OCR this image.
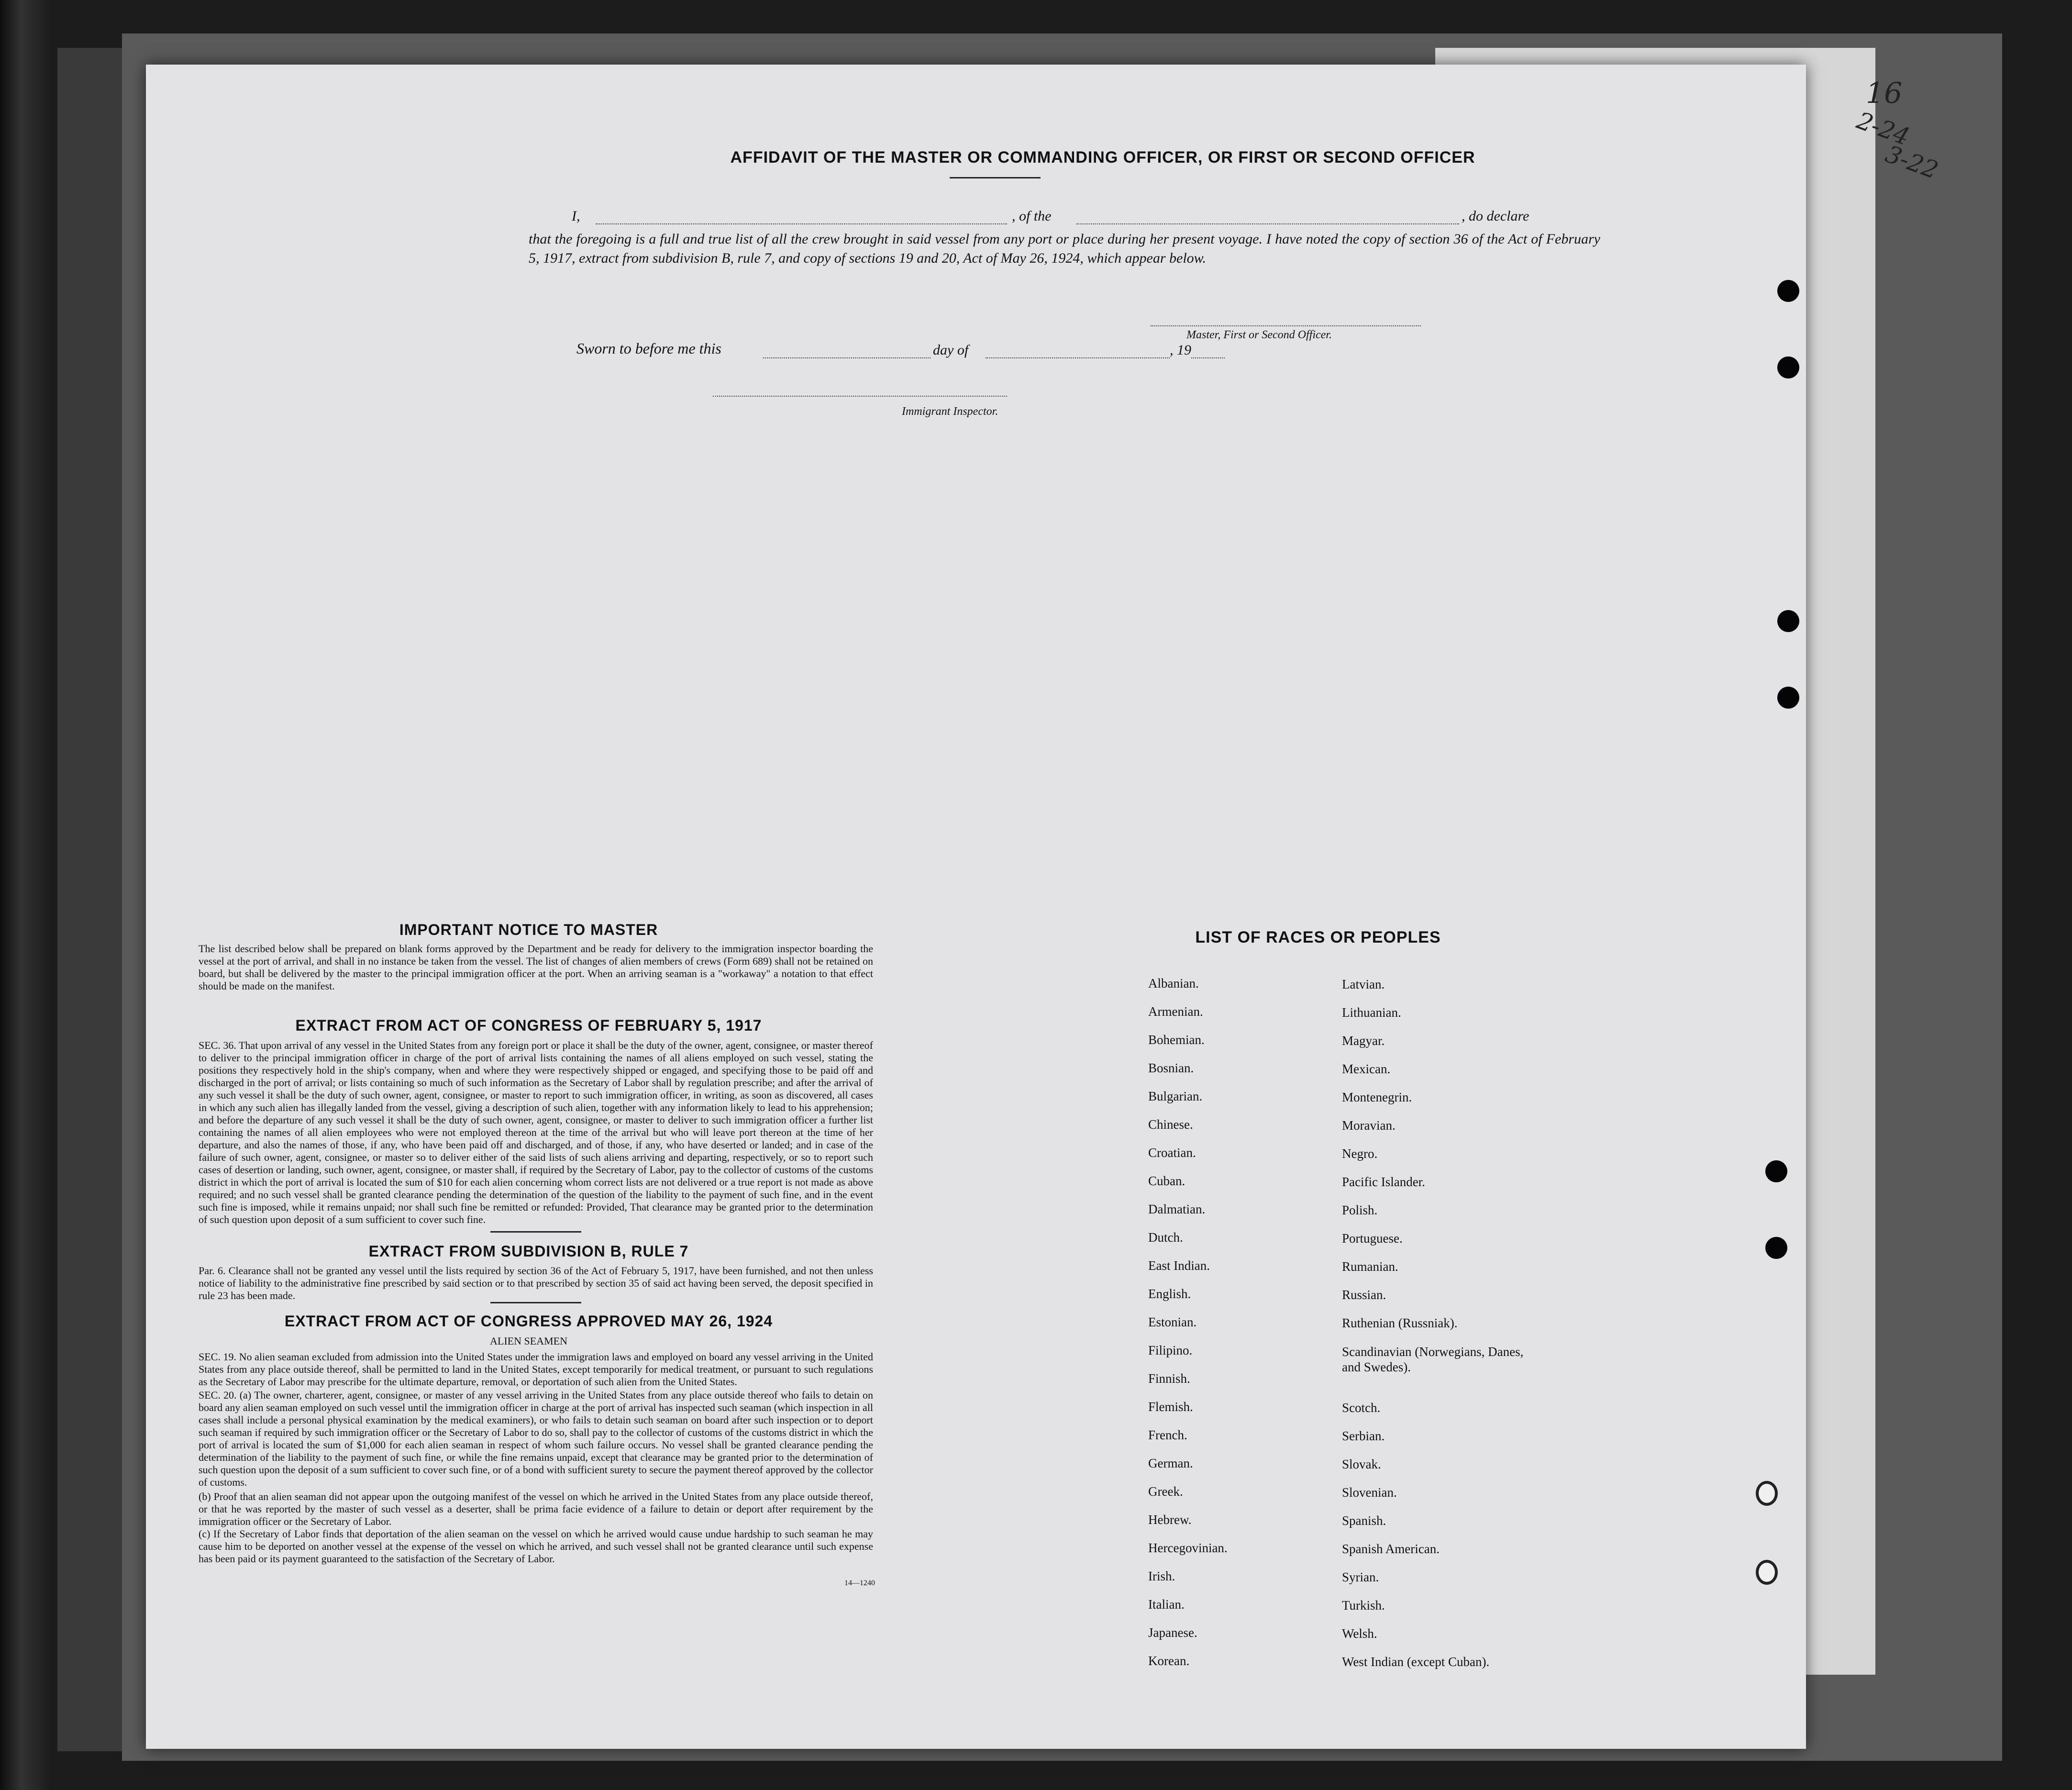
16
2-24
3-22
AFFIDAVIT OF THE MASTER OR COMMANDING OFFICER, OR FIRST OR SECOND OFFICER
I,	, of the	, do declare
that the foregoing is a full and true list of all the crew brought in said vessel from any port or place during her present voyage. I have noted the copy of section 36 of the Act of February 5, 1917, extract from subdivision B, rule 7, and copy of sections 19 and 20, Act of May 26, 1924, which appear below.
Master, First or Second Officer.
Sworn to before me this	day of	, 19
Immigrant Inspector.
IMPORTANT NOTICE TO MASTER
The list described below shall be prepared on blank forms approved by the Department and be ready for delivery to the immigration inspector boarding the vessel at the port of arrival, and shall in no instance be taken from the vessel. The list of changes of alien members of crews (Form 689) shall not be retained on board, but shall be delivered by the master to the principal immigration officer at the port. When an arriving seaman is a "workaway" a notation to that effect should be made on the manifest.
EXTRACT FROM ACT OF CONGRESS OF FEBRUARY 5, 1917
SEC. 36. That upon arrival of any vessel in the United States from any foreign port or place it shall be the duty of the owner, agent, consignee, or master thereof to deliver to the principal immigration officer in charge of the port of arrival lists containing the names of all aliens employed on such vessel, stating the positions they respectively hold in the ship's company, when and where they were respectively shipped or engaged, and specifying those to be paid off and discharged in the port of arrival; or lists containing so much of such information as the Secretary of Labor shall by regulation prescribe; and after the arrival of any such vessel it shall be the duty of such owner, agent, consignee, or master to report to such immigration officer, in writing, as soon as discovered, all cases in which any such alien has illegally landed from the vessel, giving a description of such alien, together with any information likely to lead to his apprehension; and before the departure of any such vessel it shall be the duty of such owner, agent, consignee, or master to deliver to such immigration officer a further list containing the names of all alien employees who were not employed thereon at the time of the arrival but who will leave port thereon at the time of her departure, and also the names of those, if any, who have been paid off and discharged, and of those, if any, who have deserted or landed; and in case of the failure of such owner, agent, consignee, or master so to deliver either of the said lists of such aliens arriving and departing, respectively, or so to report such cases of desertion or landing, such owner, agent, consignee, or master shall, if required by the Secretary of Labor, pay to the collector of customs of the customs district in which the port of arrival is located the sum of $10 for each alien concerning whom correct lists are not delivered or a true report is not made as above required; and no such vessel shall be granted clearance pending the determination of the question of the liability to the payment of such fine, and in the event such fine is imposed, while it remains unpaid; nor shall such fine be remitted or refunded: Provided, That clearance may be granted prior to the determination of such question upon deposit of a sum sufficient to cover such fine.
EXTRACT FROM SUBDIVISION B, RULE 7
Par. 6. Clearance shall not be granted any vessel until the lists required by section 36 of the Act of February 5, 1917, have been furnished, and not then unless notice of liability to the administrative fine prescribed by said section or to that prescribed by section 35 of said act having been served, the deposit specified in rule 23 has been made.
EXTRACT FROM ACT OF CONGRESS APPROVED MAY 26, 1924
ALIEN SEAMEN
SEC. 19. No alien seaman excluded from admission into the United States under the immigration laws and employed on board any vessel arriving in the United States from any place outside thereof, shall be permitted to land in the United States, except temporarily for medical treatment, or pursuant to such regulations as the Secretary of Labor may prescribe for the ultimate departure, removal, or deportation of such alien from the United States.
SEC. 20. (a) The owner, charterer, agent, consignee, or master of any vessel arriving in the United States from any place outside thereof who fails to detain on board any alien seaman employed on such vessel until the immigration officer in charge at the port of arrival has inspected such seaman (which inspection in all cases shall include a personal physical examination by the medical examiners), or who fails to detain such seaman on board after such inspection or to deport such seaman if required by such immigration officer or the Secretary of Labor to do so, shall pay to the collector of customs of the customs district in which the port of arrival is located the sum of $1,000 for each alien seaman in respect of whom such failure occurs. No vessel shall be granted clearance pending the determination of the liability to the payment of such fine, or while the fine remains unpaid, except that clearance may be granted prior to the determination of such question upon the deposit of a sum sufficient to cover such fine, or of a bond with sufficient surety to secure the payment thereof approved by the collector of customs.
(b) Proof that an alien seaman did not appear upon the outgoing manifest of the vessel on which he arrived in the United States from any place outside thereof, or that he was reported by the master of such vessel as a deserter, shall be prima facie evidence of a failure to detain or deport after requirement by the immigration officer or the Secretary of Labor.
(c) If the Secretary of Labor finds that deportation of the alien seaman on the vessel on which he arrived would cause undue hardship to such seaman he may cause him to be deported on another vessel at the expense of the vessel on which he arrived, and such vessel shall not be granted clearance until such expense has been paid or its payment guaranteed to the satisfaction of the Secretary of Labor.
14—1240
LIST OF RACES OR PEOPLES
Albanian.
Armenian.
Bohemian.
Bosnian.
Bulgarian.
Chinese.
Croatian.
Cuban.
Dalmatian.
Dutch.
East Indian.
English.
Estonian.
Filipino.
Finnish.
Flemish.
French.
German.
Greek.
Hebrew.
Hercegovinian.
Irish.
Italian.
Japanese.
Korean.
Latvian.
Lithuanian.
Magyar.
Mexican.
Montenegrin.
Moravian.
Negro.
Pacific Islander.
Polish.
Portuguese.
Rumanian.
Russian.
Ruthenian (Russniak).
Scandinavian (Norwegians, Danes, and Swedes).
Scotch.
Serbian.
Slovak.
Slovenian.
Spanish.
Spanish American.
Syrian.
Turkish.
Welsh.
West Indian (except Cuban).
